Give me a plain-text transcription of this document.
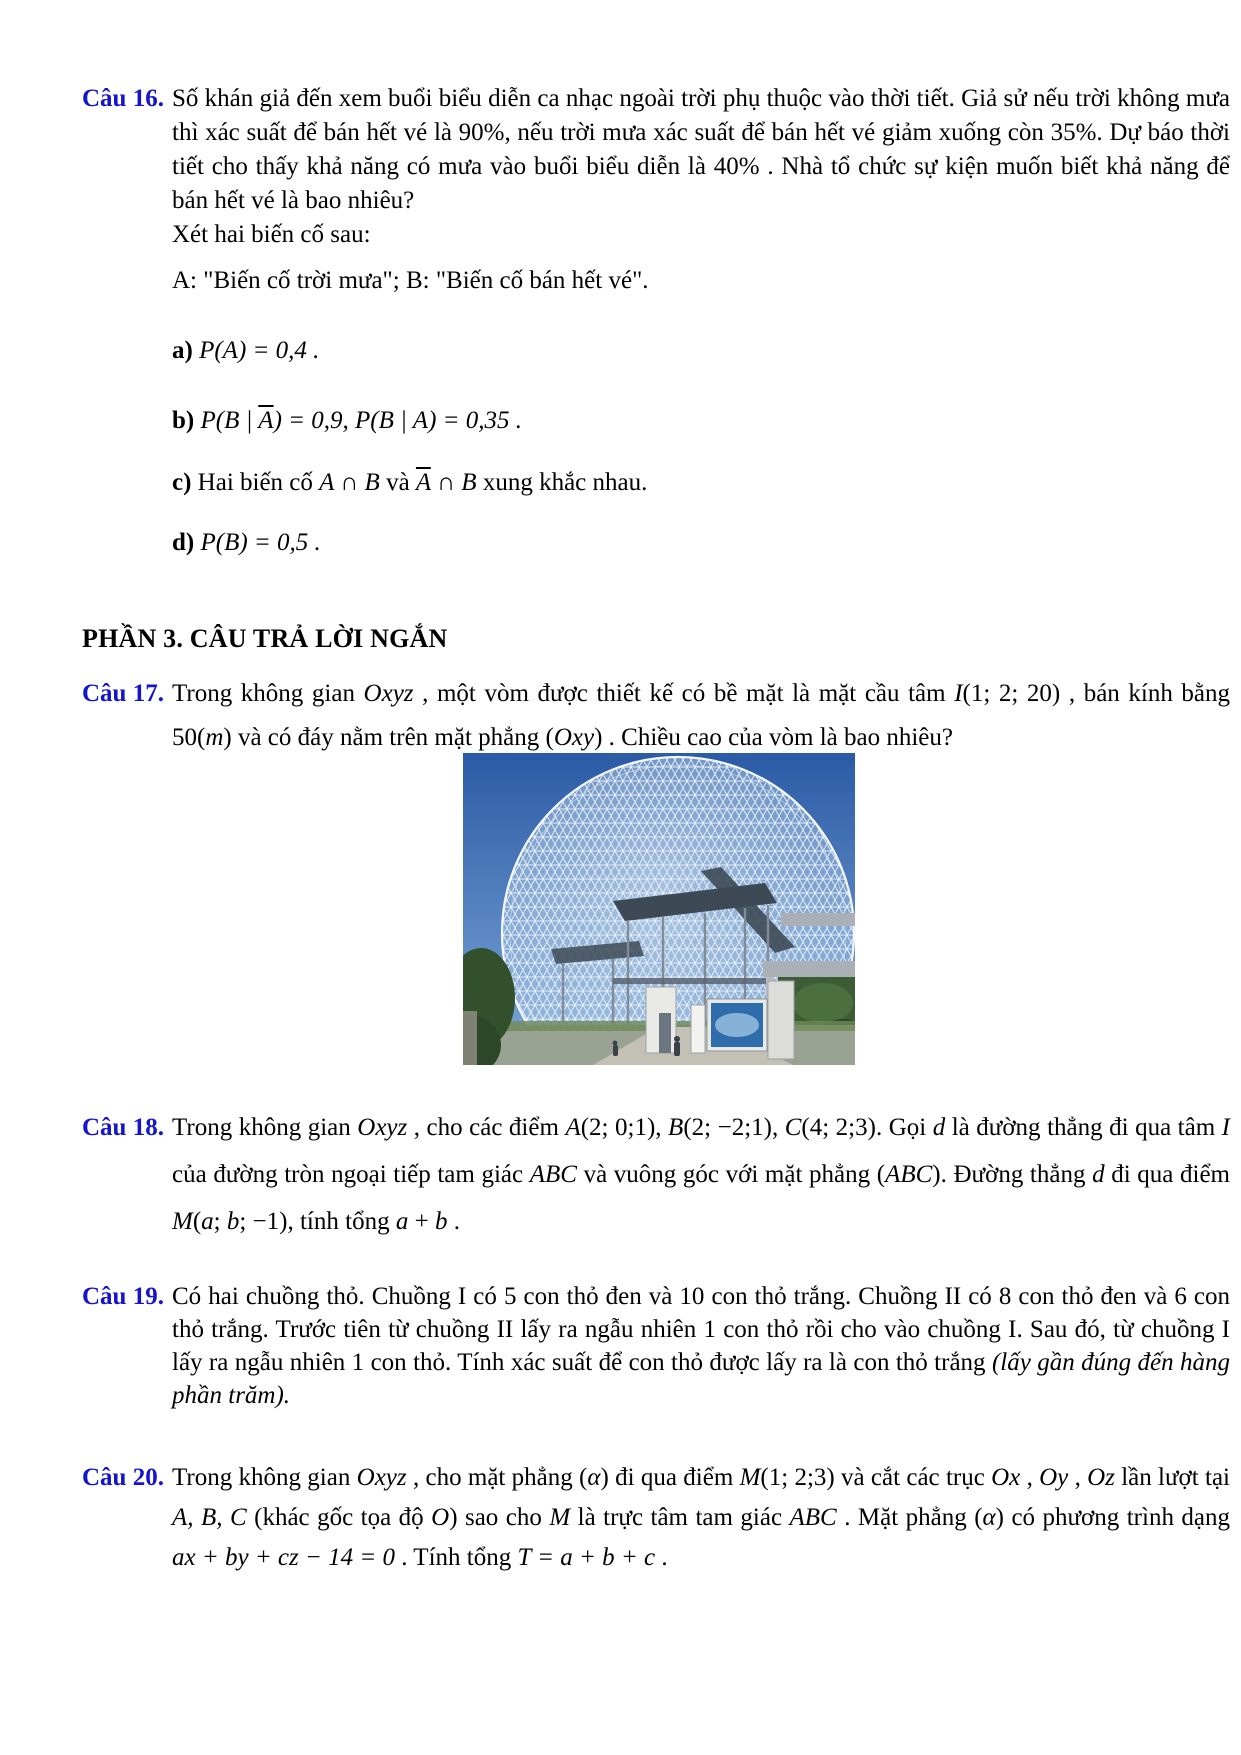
Câu 16. Số khán giả đến xem buổi biểu diễn ca nhạc ngoài trời phụ thuộc vào thời tiết. Giả sử nếu trời không mưa thì xác suất để bán hết vé là 90%, nếu trời mưa xác suất để bán hết vé giảm xuống còn 35%. Dự báo thời tiết cho thấy khả năng có mưa vào buổi biểu diễn là 40% . Nhà tổ chức sự kiện muốn biết khả năng để bán hết vé là bao nhiêu?

Xét hai biến cố sau:

A: "Biến cố trời mưa"; B: "Biến cố bán hết vé".

a) P(A) = 0,4 .

b) P(B | $\overline{A}) = 0,9$, P(B | A) = 0,35 .

c) Hai biến cố A ∩ B và $\overline{A}$ ∩ B xung khắc nhau.

d) P(B) = 0,5 .

PHẦN 3. CÂU TRẢ LỜI NGẮN
Câu 17. Trong không gian Oxyz , một vòm được thiết kế có bề mặt là mặt cầu tâm I(1; 2; 20) , bán kính bằng 50(m) và có đáy nằm trên mặt phẳng (Oxy) . Chiều cao của vòm là bao nhiêu?

Câu 18. Trong không gian Oxyz , cho các điểm A(2; 0;1), B(2; −2;1), C(4; 2;3). Gọi d là đường thẳng đi qua tâm I của đường tròn ngoại tiếp tam giác ABC và vuông góc với mặt phẳng (ABC). Đường thẳng d đi qua điểm M(a; b; −1), tính tổng a + b .

Câu 19. Có hai chuồng thỏ. Chuồng I có 5 con thỏ đen và 10 con thỏ trắng. Chuồng II có 8 con thỏ đen và 6 con thỏ trắng. Trước tiên từ chuồng II lấy ra ngẫu nhiên 1 con thỏ rồi cho vào chuồng I. Sau đó, từ chuồng I lấy ra ngẫu nhiên 1 con thỏ. Tính xác suất để con thỏ được lấy ra là con thỏ trắng (lấy gần đúng đến hàng phần trăm).

Câu 20. Trong không gian Oxyz , cho mặt phẳng (α) đi qua điểm M(1; 2;3) và cắt các trục Ox , Oy , Oz lần lượt tại A, B, C (khác gốc tọa độ O) sao cho M là trực tâm tam giác ABC . Mặt phẳng (α) có phương trình dạng ax + by + cz − 14 = 0 . Tính tổng T = a + b + c .
